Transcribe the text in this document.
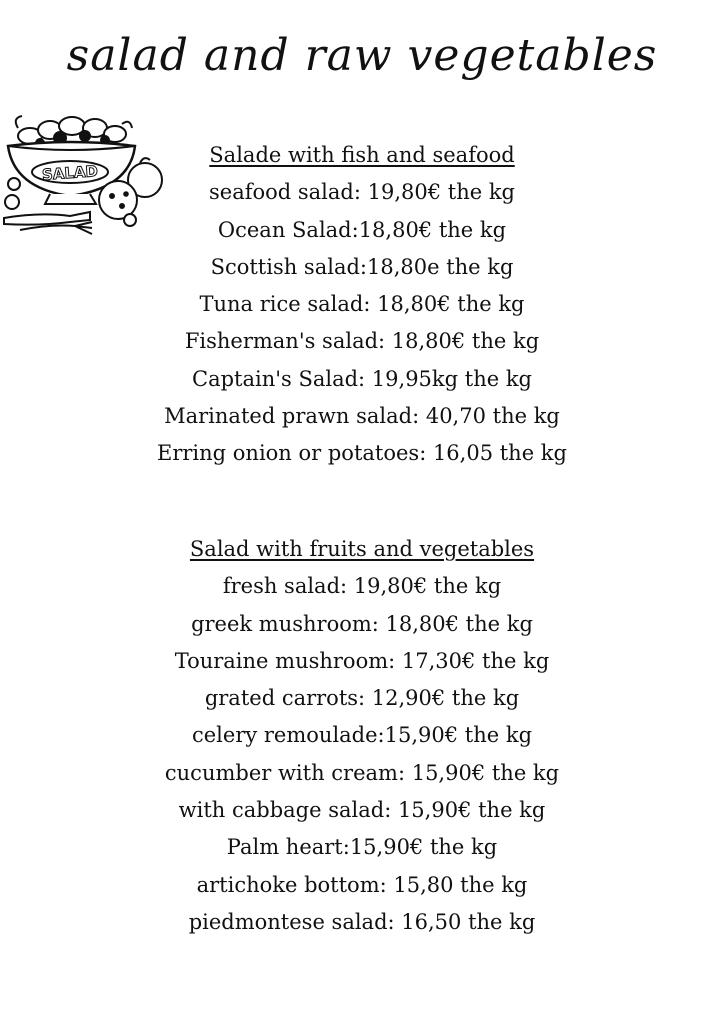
salad and raw vegetables
SALAD
Salade with fish and seafood
seafood salad: 19,80€ the kg
Ocean Salad:18,80€ the kg
Scottish salad:18,80e the kg
Tuna rice salad: 18,80€ the kg
Fisherman's salad: 18,80€ the kg
Captain's Salad: 19,95kg the kg
Marinated prawn salad: 40,70 the kg
Erring onion or potatoes: 16,05 the kg
Salad with fruits and vegetables
fresh salad: 19,80€ the kg
greek mushroom: 18,80€ the kg
Touraine mushroom: 17,30€ the kg
grated carrots: 12,90€ the kg
celery remoulade:15,90€ the kg
cucumber with cream: 15,90€ the kg
with cabbage salad: 15,90€ the kg
Palm heart:15,90€ the kg
artichoke bottom: 15,80 the kg
piedmontese salad: 16,50 the kg
